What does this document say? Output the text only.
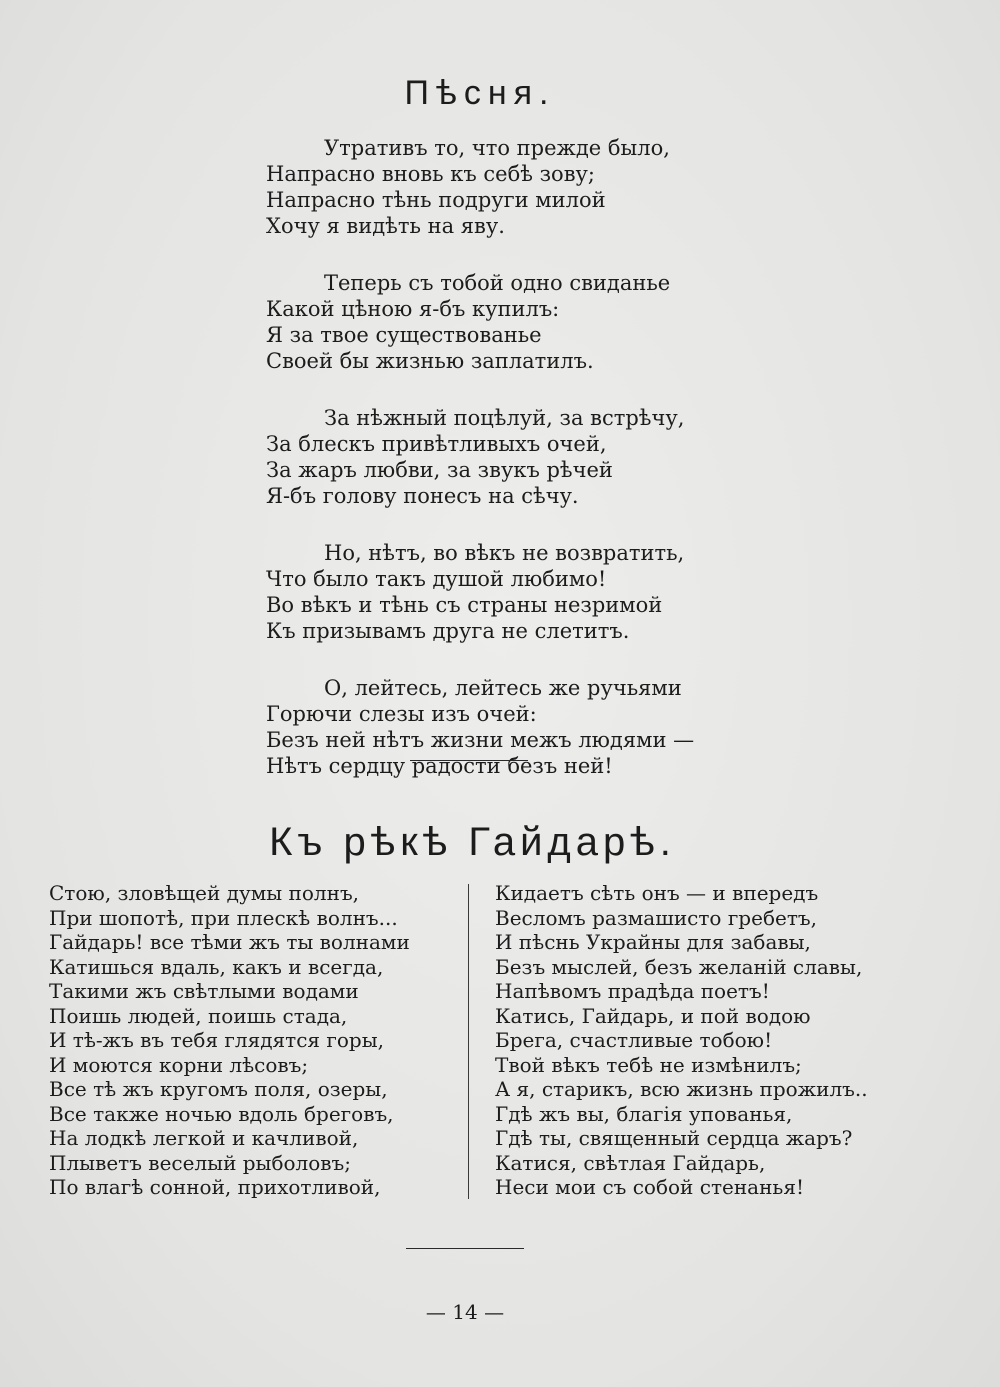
Пѣсня.
Утративъ то, что прежде было,
Напрасно вновь къ себѣ зову;
Напрасно тѣнь подруги милой
Хочу я видѣть на яву.
Теперь съ тобой одно свиданье
Какой цѣною я-бъ купилъ:
Я за твое существованье
Своей бы жизнью заплатилъ.
За нѣжный поцѣлуй, за встрѣчу,
За блескъ привѣтливыхъ очей,
За жаръ любви, за звукъ рѣчей
Я-бъ голову понесъ на сѣчу.
Но, нѣтъ, во вѣкъ не возвратить,
Что было такъ душой любимо!
Во вѣкъ и тѣнь съ страны незримой
Къ призывамъ друга не слетитъ.
О, лейтесь, лейтесь же ручьями
Горючи слезы изъ очей:
Безъ ней нѣтъ жизни межъ людями —
Нѣтъ сердцу радости безъ ней!
Къ рѣкѣ Гайдарѣ.
Стою, зловѣщей думы полнъ,
При шопотѣ, при плескѣ волнъ...
Гайдарь! все тѣми жъ ты волнами
Катишься вдаль, какъ и всегда,
Такими жъ свѣтлыми водами
Поишь людей, поишь стада,
И тѣ-жъ въ тебя глядятся горы,
И моются корни лѣсовъ;
Все тѣ жъ кругомъ поля, озеры,
Все также ночью вдоль бреговъ,
На лодкѣ легкой и качливой,
Плыветъ веселый рыболовъ;
По влагѣ сонной, прихотливой,
Кидаетъ сѣть онъ — и впередъ
Весломъ размашисто гребетъ,
И пѣснь Украйны для забавы,
Безъ мыслей, безъ желаній славы,
Напѣвомъ прадѣда поетъ!
Катись, Гайдарь, и пой водою
Брега, счастливые тобою!
Твой вѣкъ тебѣ не измѣнилъ;
А я, старикъ, всю жизнь прожилъ..
Гдѣ жъ вы, благія упованья,
Гдѣ ты, священный сердца жаръ?
Катися, свѣтлая Гайдарь,
Неси мои съ собой стенанья!
— 14 —
